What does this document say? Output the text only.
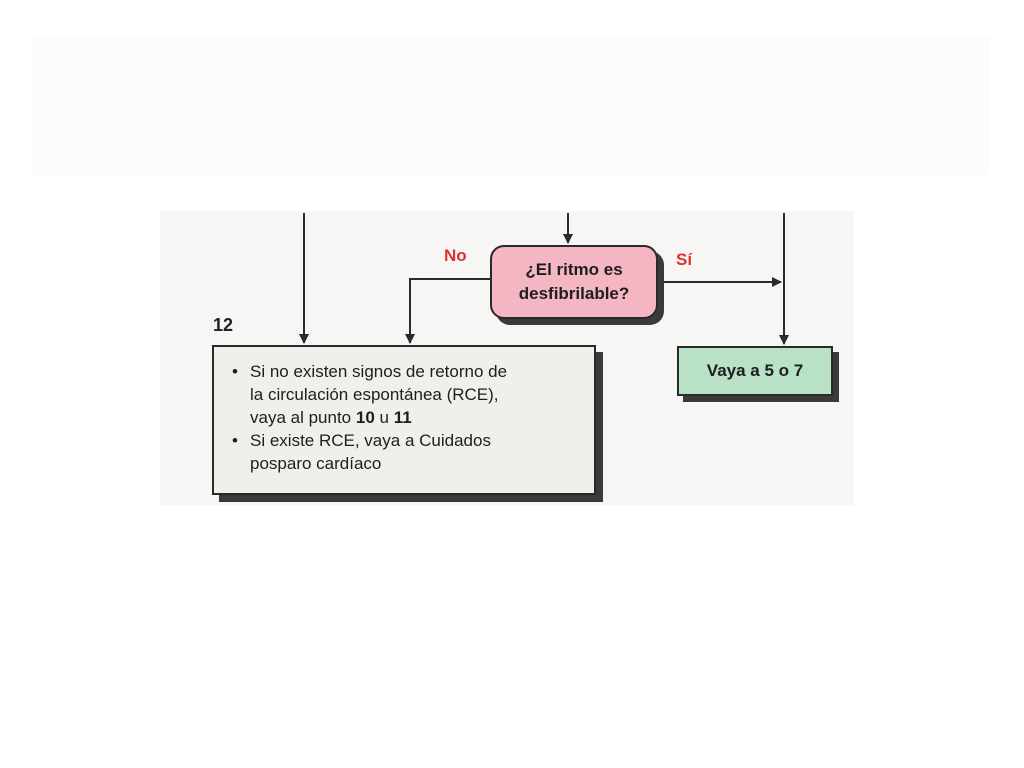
No	Sí
12
¿El ritmo es
desfibrilable?
• Si no existen signos de retorno de
la circulación espontánea (RCE),
vaya al punto 10 u 11
• Si existe RCE, vaya a Cuidados
posparo cardíaco
Vaya a 5 o 7
